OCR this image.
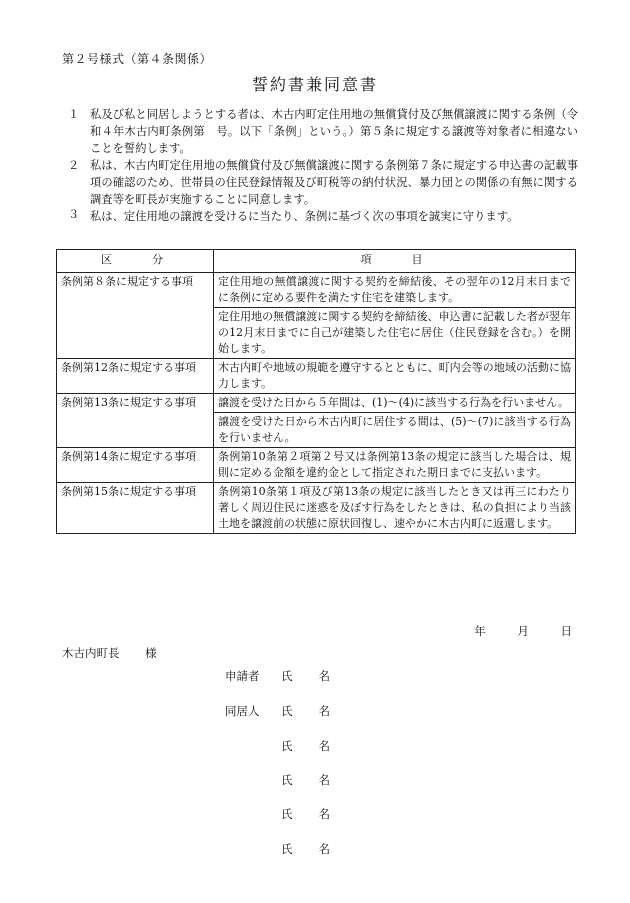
第２号様式（第４条関係）
誓約書兼同意書
１ 私及び私と同居しようとする者は、木古内町定住用地の無償貸付及び無償譲渡に関する条例（令和４年木古内町条例第　号。以下「条例」という。）第５条に規定する譲渡等対象者に相違ないことを誓約します。
２ 私は、木古内町定住用地の無償貸付及び無償譲渡に関する条例第７条に規定する申込書の記載事項の確認のため、世帯員の住民登録情報及び町税等の納付状況、暴力団との関係の有無に関する調査等を町長が実施することに同意します。
３ 私は、定住用地の譲渡を受けるに当たり、条例に基づく次の事項を誠実に守ります。
区　　分	項　　目
条例第８条に規定する事項	定住用地の無償譲渡に関する契約を締結後、その翌年の12月末日までに条例に定める要件を満たす住宅を建築します。
	定住用地の無償譲渡に関する契約を締結後、申込書に記載した者が翌年の12月末日までに自己が建築した住宅に居住（住民登録を含む。）を開始します。
条例第12条に規定する事項	木古内町や地域の規範を遵守するとともに、町内会等の地域の活動に協力します。
条例第13条に規定する事項	譲渡を受けた日から５年間は、(1)～(4)に該当する行為を行いません。
	譲渡を受けた日から木古内町に居住する間は、(5)～(7)に該当する行為を行いません。
条例第14条に規定する事項	条例第10条第２項第２号又は条例第13条の規定に該当した場合は、規則に定める金額を違約金として指定された期日までに支払います。
条例第15条に規定する事項	条例第10条第１項及び第13条の規定に該当したとき又は再三にわたり著しく周辺住民に迷惑を及ぼす行為をしたときは、私の負担により当該土地を譲渡前の状態に原状回復し、速やかに木古内町に返還します。
年	月	日
木古内町長 様
申請者	氏 名
同居人	氏 名
氏 名
氏 名
氏 名
氏 名
